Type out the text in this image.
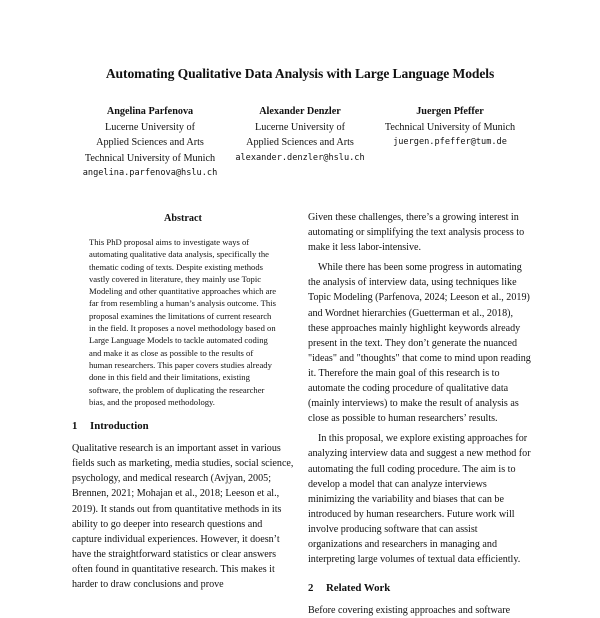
Automating Qualitative Data Analysis with Large Language Models
Angelina Parfenova
Lucerne University of
Applied Sciences and Arts
Technical University of Munich
angelina.parfenova@hslu.ch
Alexander Denzler
Lucerne University of
Applied Sciences and Arts
alexander.denzler@hslu.ch
Juergen Pfeffer
Technical University of Munich
juergen.pfeffer@tum.de
Abstract

This PhD proposal aims to investigate ways of automating qualitative data analysis, specifically the thematic coding of texts. Despite existing methods vastly covered in literature, they mainly use Topic Modeling and other quantitative approaches which are far from resembling a human’s analysis outcome. This proposal examines the limitations of current research in the field. It proposes a novel methodology based on Large Language Models to tackle automated coding and make it as close as possible to the results of human researchers. This paper covers studies already done in this field and their limitations, existing software, the problem of duplicating the researcher bias, and the proposed methodology.

1 Introduction

Qualitative research is an important asset in various fields such as marketing, media studies, social science, psychology, and medical research (Avjyan, 2005; Brennen, 2021; Mohajan et al., 2018; Leeson et al., 2019). It stands out from quantitative methods in its ability to go deeper into research questions and capture individual experiences. However, it doesn’t have the straightforward statistics or clear answers often found in quantitative research. This makes it harder to draw conclusions and prove

Given these challenges, there’s a growing interest in automating or simplifying the text analysis process to make it less labor-intensive.

While there has been some progress in automating the analysis of interview data, using techniques like Topic Modeling (Parfenova, 2024; Leeson et al., 2019) and Wordnet hierarchies (Guetterman et al., 2018), these approaches mainly highlight keywords already present in the text. They don’t generate the nuanced "ideas" and "thoughts" that come to mind upon reading it. Therefore the main goal of this research is to automate the coding procedure of qualitative data (mainly interviews) to make the result of analysis as close as possible to human researchers’ results.

In this proposal, we explore existing approaches for analyzing interview data and suggest a new method for automating the full coding procedure. The aim is to develop a model that can analyze interviews minimizing the variability and biases that can be introduced by human researchers. Future work will involve producing software that can assist organizations and researchers in managing and interpreting large volumes of textual data efficiently.

2 Related Work

Before covering existing approaches and software
